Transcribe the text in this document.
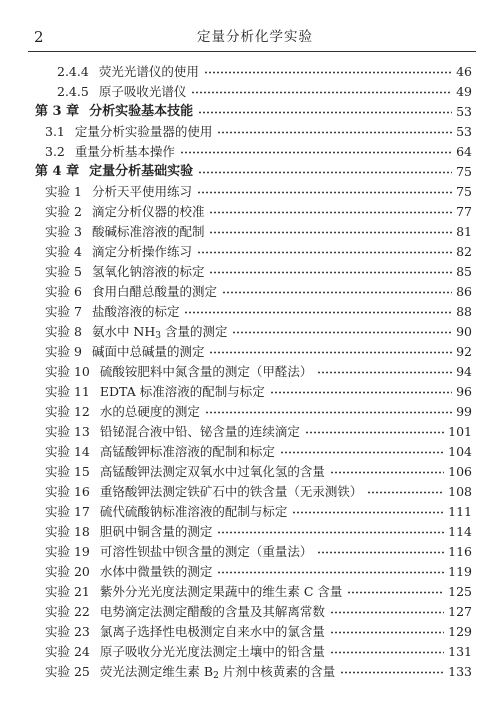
2	定量分析化学实验
2.4.4 荧光光谱仪的使用	46
2.4.5 原子吸收光谱仪	49
第 3 章 分析实验基本技能	53
3.1 定量分析实验量器的使用	53
3.2 重量分析基本操作	64
第 4 章 定量分析基础实验	75
实验 1 分析天平使用练习	75
实验 2 滴定分析仪器的校准	77
实验 3 酸碱标准溶液的配制	81
实验 4 滴定分析操作练习	82
实验 5 氢氧化钠溶液的标定	85
实验 6 食用白醋总酸量的测定	86
实验 7 盐酸溶液的标定	88
实验 8 氨水中 $NH_3$ 含量的测定	90
实验 9 碱面中总碱量的测定	92
实验 10 硫酸铵肥料中氮含量的测定（甲醛法）	94
实验 11 EDTA 标准溶液的配制与标定	96
实验 12 水的总硬度的测定	99
实验 13 铅铋混合液中铅、铋含量的连续滴定	101
实验 14 高锰酸钾标准溶液的配制和标定	104
实验 15 高锰酸钾法测定双氧水中过氧化氢的含量	106
实验 16 重铬酸钾法测定铁矿石中的铁含量（无汞测铁）	108
实验 17 硫代硫酸钠标准溶液的配制与标定	111
实验 18 胆矾中铜含量的测定	114
实验 19 可溶性钡盐中钡含量的测定（重量法）	116
实验 20 水体中微量铁的测定	119
实验 21 紫外分光光度法测定果蔬中的维生素 C 含量	125
实验 22 电势滴定法测定醋酸的含量及其解离常数	127
实验 23 氯离子选择性电极测定自来水中的氯含量	129
实验 24 原子吸收分光光度法测定土壤中的铅含量	131
实验 25 荧光法测定维生素 $B_2$ 片剂中核黄素的含量	133
